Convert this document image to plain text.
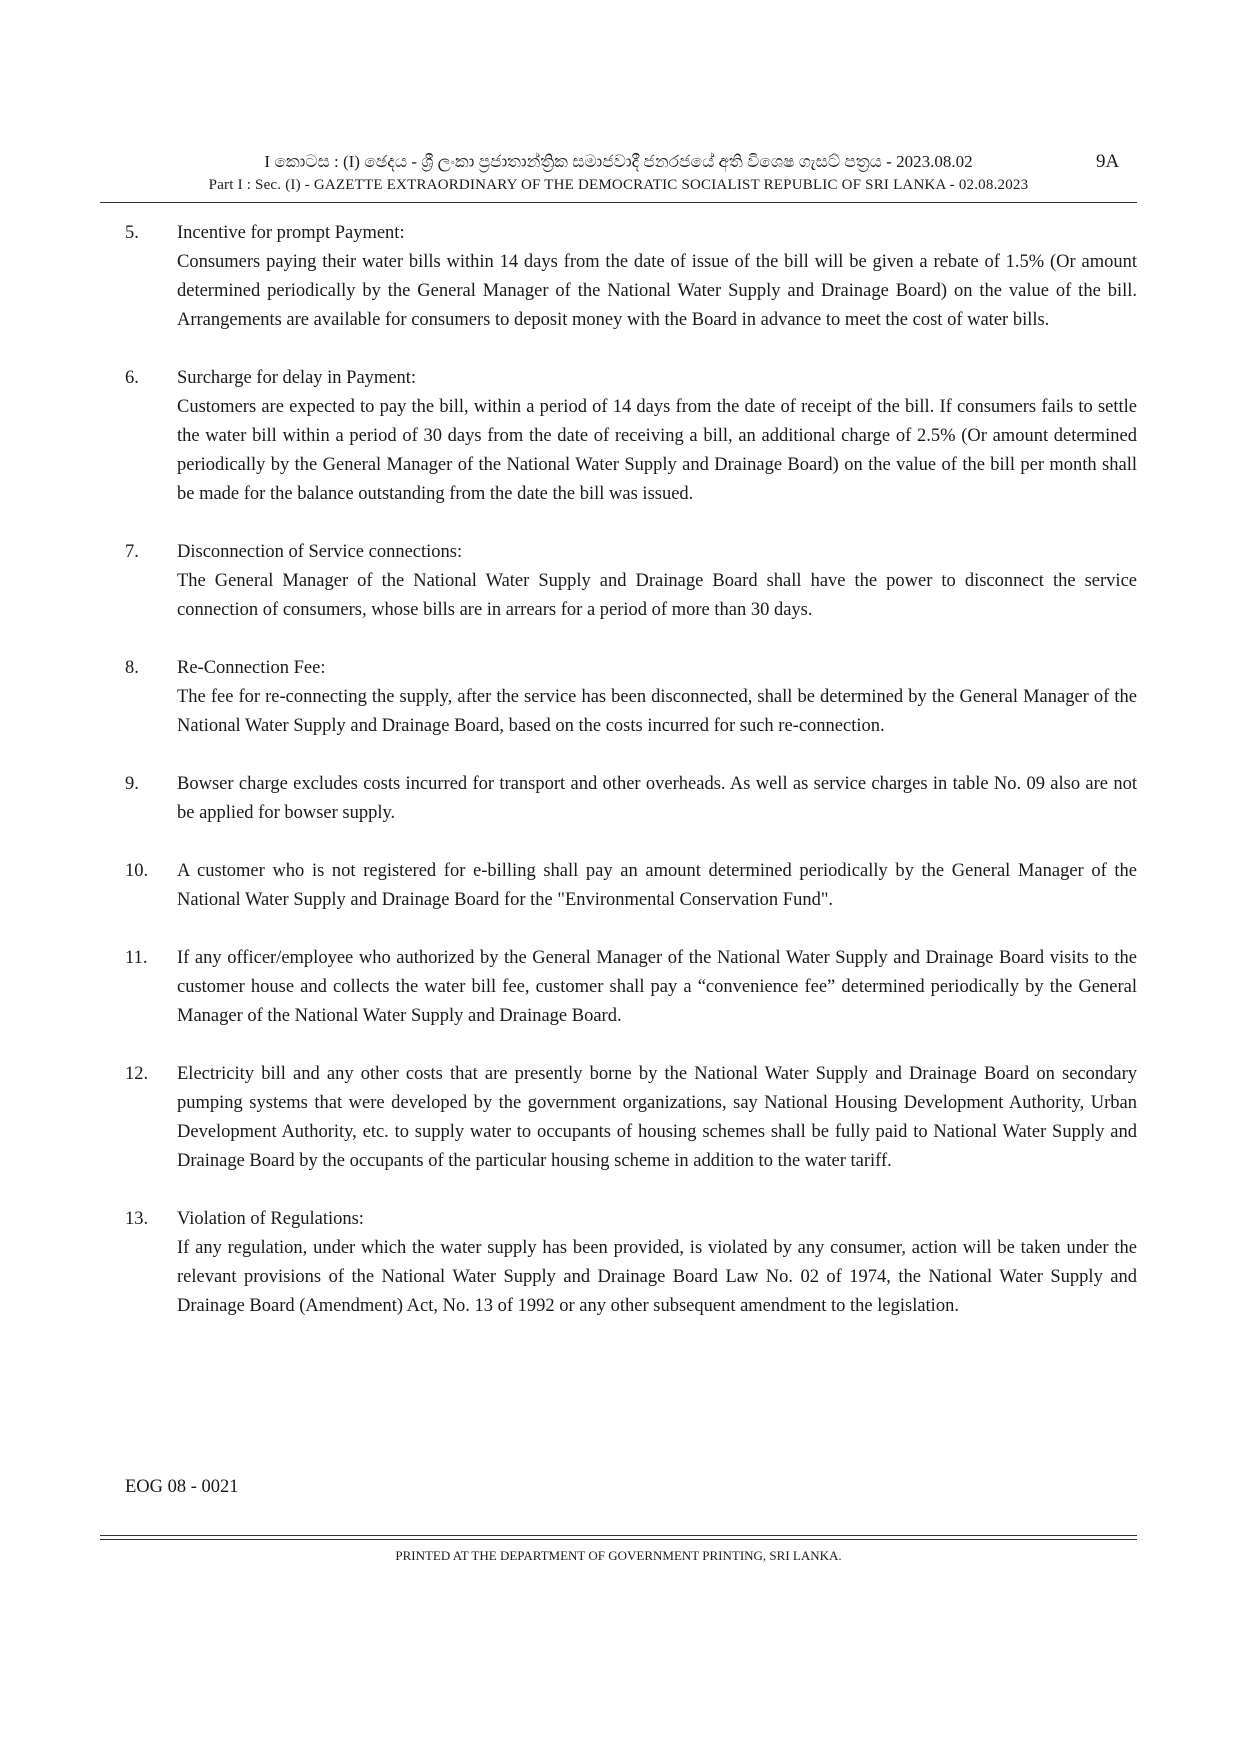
I කොටස : (I) ඡෙදය - ශ්‍රී ලංකා ප්‍රජාතාන්ත්‍රික සමාජවාදී ජනරජයේ අති විශෙෂ ගැසට් පත්‍රය - 2023.08.02
Part I : Sec. (I) - GAZETTE EXTRAORDINARY OF THE DEMOCRATIC SOCIALIST REPUBLIC OF SRI LANKA - 02.08.2023
9A
5. Incentive for prompt Payment:
Consumers paying their water bills within 14 days from the date of issue of the bill will be given a rebate of 1.5% (Or amount determined periodically by the General Manager of the National Water Supply and Drainage Board) on the value of the bill. Arrangements are available for consumers to deposit money with the Board in advance to meet the cost of water bills.
6. Surcharge for delay in Payment:
Customers are expected to pay the bill, within a period of 14 days from the date of receipt of the bill. If consumers fails to settle the water bill within a period of 30 days from the date of receiving a bill, an additional charge of 2.5% (Or amount determined periodically by the General Manager of the National Water Supply and Drainage Board) on the value of the bill per month shall be made for the balance outstanding from the date the bill was issued.
7. Disconnection of Service connections:
The General Manager of the National Water Supply and Drainage Board shall have the power to disconnect the service connection of consumers, whose bills are in arrears for a period of more than 30 days.
8. Re-Connection Fee:
The fee for re-connecting the supply, after the service has been disconnected, shall be determined by the General Manager of the National Water Supply and Drainage Board, based on the costs incurred for such re-connection.
9. Bowser charge excludes costs incurred for transport and other overheads. As well as service charges in table No. 09 also are not be applied for bowser supply.
10. A customer who is not registered for e-billing shall pay an amount determined periodically by the General Manager of the National Water Supply and Drainage Board for the "Environmental Conservation Fund".
11. If any officer/employee who authorized by the General Manager of the National Water Supply and Drainage Board visits to the customer house and collects the water bill fee, customer shall pay a “convenience fee” determined periodically by the General Manager of the National Water Supply and Drainage Board.
12. Electricity bill and any other costs that are presently borne by the National Water Supply and Drainage Board on secondary pumping systems that were developed by the government organizations, say National Housing Development Authority, Urban Development Authority, etc. to supply water to occupants of housing schemes shall be fully paid to National Water Supply and Drainage Board by the occupants of the particular housing scheme in addition to the water tariff.
13. Violation of Regulations:
If any regulation, under which the water supply has been provided, is violated by any consumer, action will be taken under the relevant provisions of the National Water Supply and Drainage Board Law No. 02 of 1974, the National Water Supply and Drainage Board (Amendment) Act, No. 13 of 1992 or any other subsequent amendment to the legislation.
EOG 08 - 0021
PRINTED AT THE DEPARTMENT OF GOVERNMENT PRINTING, SRI LANKA.
